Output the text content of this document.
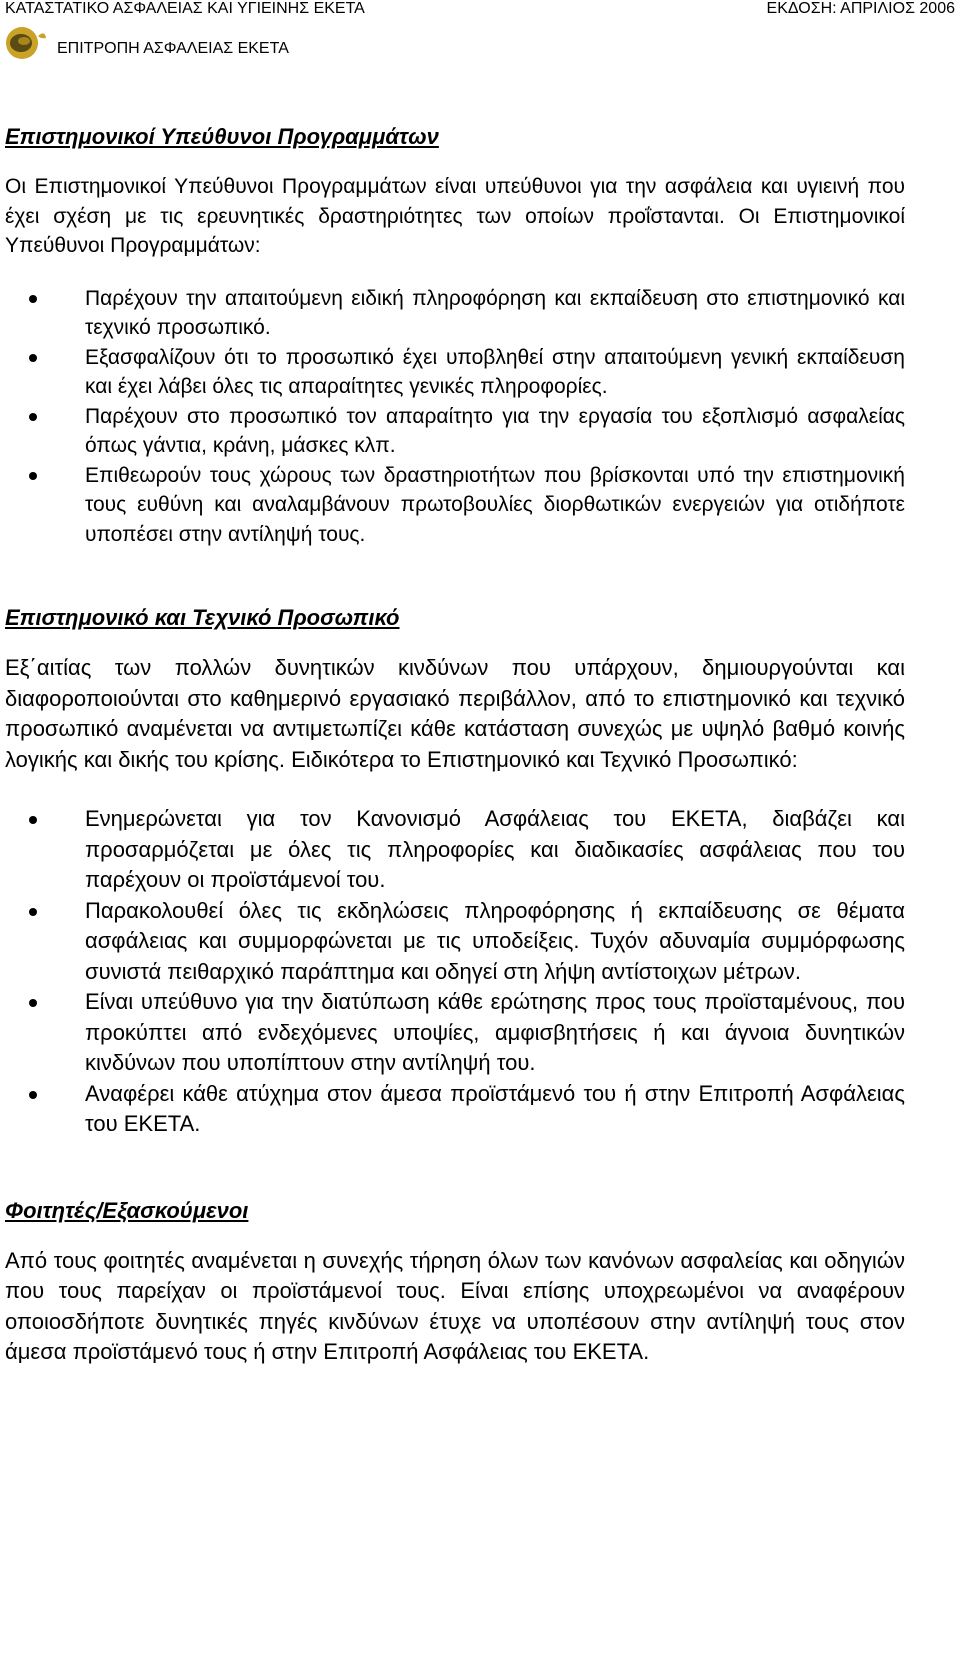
ΚΑΤΑΣΤΑΤΙΚΟ ΑΣΦΑΛΕΙΑΣ ΚΑΙ ΥΓΙΕΙΝΗΣ ΕΚΕΤΑ	ΕΚΔΟΣΗ: ΑΠΡΙΛΙΟΣ 2006
ΕΠΙΤΡΟΠΗ ΑΣΦΑΛΕΙΑΣ ΕΚΕΤΑ
Επιστημονικοί Υπεύθυνοι Προγραμμάτων

Οι Επιστημονικοί Υπεύθυνοι Προγραμμάτων είναι υπεύθυνοι για την ασφάλεια και υγιεινή που έχει σχέση με τις ερευνητικές δραστηριότητες των οποίων προΐστανται. Οι Επιστημονικοί Υπεύθυνοι Προγραμμάτων:

Παρέχουν την απαιτούμενη ειδική πληροφόρηση και εκπαίδευση στο επιστημονικό και τεχνικό προσωπικό.
Εξασφαλίζουν ότι το προσωπικό έχει υποβληθεί στην απαιτούμενη γενική εκπαίδευση και έχει λάβει όλες τις απαραίτητες γενικές πληροφορίες.
Παρέχουν στο προσωπικό τον απαραίτητο για την εργασία του εξοπλισμό ασφαλείας όπως γάντια, κράνη, μάσκες κλπ.
Επιθεωρούν τους χώρους των δραστηριοτήτων που βρίσκονται υπό την επιστημονική τους ευθύνη και αναλαμβάνουν πρωτοβουλίες διορθωτικών ενεργειών για οτιδήποτε υποπέσει στην αντίληψή τους.
Επιστημονικό και Τεχνικό Προσωπικό

Εξ΄αιτίας των πολλών δυνητικών κινδύνων που υπάρχουν, δημιουργούνται και διαφοροποιούνται στο καθημερινό εργασιακό περιβάλλον, από το επιστημονικό και τεχνικό προσωπικό αναμένεται να αντιμετωπίζει κάθε κατάσταση συνεχώς με υψηλό βαθμό κοινής λογικής και δικής του κρίσης. Ειδικότερα το Επιστημονικό και Τεχνικό Προσωπικό:

Ενημερώνεται για τον Κανονισμό Ασφάλειας του ΕΚΕΤΑ, διαβάζει και προσαρμόζεται με όλες τις πληροφορίες και διαδικασίες ασφάλειας που του παρέχουν οι προϊστάμενοί του.
Παρακολουθεί όλες τις εκδηλώσεις πληροφόρησης ή εκπαίδευσης σε θέματα ασφάλειας και συμμορφώνεται με τις υποδείξεις. Τυχόν αδυναμία συμμόρφωσης συνιστά πειθαρχικό παράπτημα και οδηγεί στη λήψη αντίστοιχων μέτρων.
Είναι υπεύθυνο για την διατύπωση κάθε ερώτησης προς τους προϊσταμένους, που προκύπτει από ενδεχόμενες υποψίες, αμφισβητήσεις ή και άγνοια δυνητικών κινδύνων που υποπίπτουν στην αντίληψή του.
Αναφέρει κάθε ατύχημα στον άμεσα προϊστάμενό του ή στην Επιτροπή Ασφάλειας του ΕΚΕΤΑ.
Φοιτητές/Εξασκούμενοι

Από τους φοιτητές αναμένεται η συνεχής τήρηση όλων των κανόνων ασφαλείας και οδηγιών που τους παρείχαν οι προϊστάμενοί τους. Είναι επίσης υποχρεωμένοι να αναφέρουν οποιοσδήποτε δυνητικές πηγές κινδύνων έτυχε να υποπέσουν στην αντίληψή τους στον άμεσα προϊστάμενό τους ή στην Επιτροπή Ασφάλειας του ΕΚΕΤΑ.
